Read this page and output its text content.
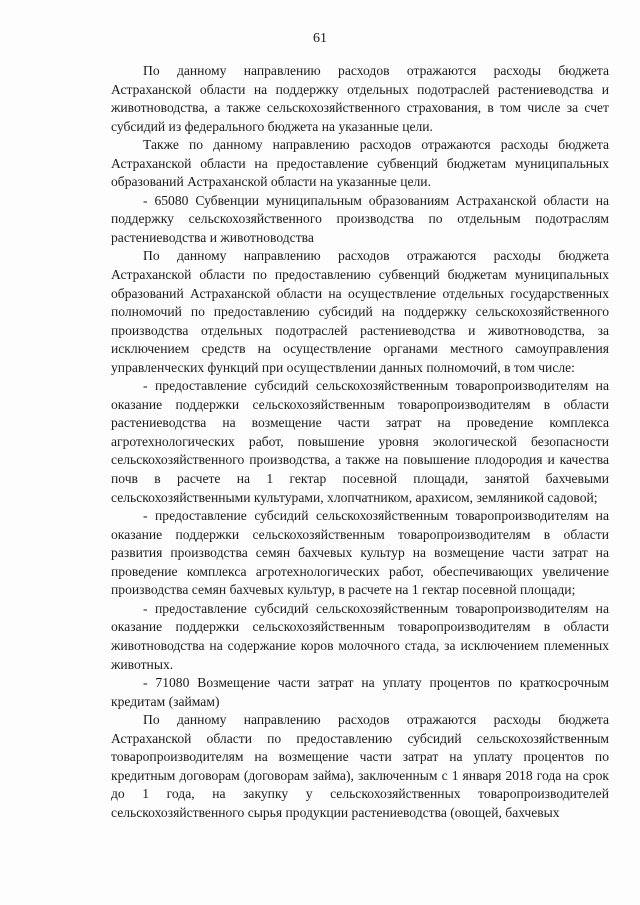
61

По данному направлению расходов отражаются расходы бюджета Астраханской области на поддержку отдельных подотраслей растениеводства и животноводства, а также сельскохозяйственного страхования, в том числе за счет субсидий из федерального бюджета на указанные цели.

Также по данному направлению расходов отражаются расходы бюджета Астраханской области на предоставление субвенций бюджетам муниципальных образований Астраханской области на указанные цели.

- 65080 Субвенции муниципальным образованиям Астраханской области на поддержку сельскохозяйственного производства по отдельным подотраслям растениеводства и животноводства

По данному направлению расходов отражаются расходы бюджета Астраханской области по предоставлению субвенций бюджетам муниципальных образований Астраханской области на осуществление отдельных государственных полномочий по предоставлению субсидий на поддержку сельскохозяйственного производства отдельных подотраслей растениеводства и животноводства, за исключением средств на осуществление органами местного самоуправления управленческих функций при осуществлении данных полномочий, в том числе:

- предоставление субсидий сельскохозяйственным товаропроизводителям на оказание поддержки сельскохозяйственным товаропроизводителям в области растениеводства на возмещение части затрат на проведение комплекса агротехнологических работ, повышение уровня экологической безопасности сельскохозяйственного производства, а также на повышение плодородия и качества почв в расчете на 1 гектар посевной площади, занятой бахчевыми сельскохозяйственными культурами, хлопчатником, арахисом, земляникой садовой;

- предоставление субсидий сельскохозяйственным товаропроизводителям на оказание поддержки сельскохозяйственным товаропроизводителям в области развития производства семян бахчевых культур на возмещение части затрат на проведение комплекса агротехнологических работ, обеспечивающих увеличение производства семян бахчевых культур, в расчете на 1 гектар посевной площади;

- предоставление субсидий сельскохозяйственным товаропроизводителям на оказание поддержки сельскохозяйственным товаропроизводителям в области животноводства на содержание коров молочного стада, за исключением племенных животных.

- 71080 Возмещение части затрат на уплату процентов по краткосрочным кредитам (займам)

По данному направлению расходов отражаются расходы бюджета Астраханской области по предоставлению субсидий сельскохозяйственным товаропроизводителям на возмещение части затрат на уплату процентов по кредитным договорам (договорам займа), заключенным с 1 января 2018 года на срок до 1 года, на закупку у сельскохозяйственных товаропроизводителей сельскохозяйственного сырья продукции растениеводства (овощей, бахчевых
